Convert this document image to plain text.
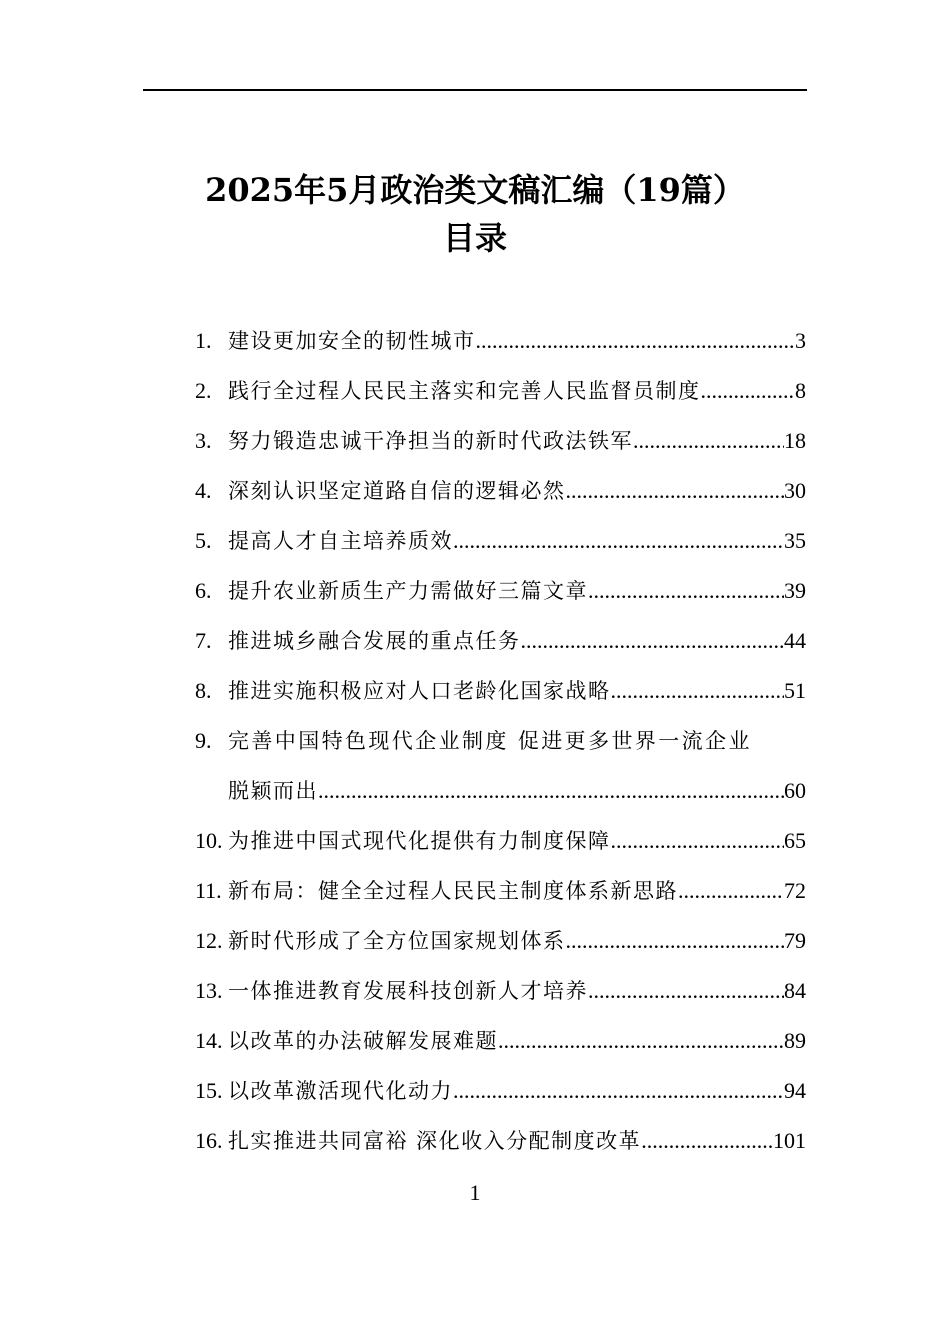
2025年5月政治类文稿汇编（19篇）
目录
1. 建设更加安全的韧性城市 .....	3
2. 践行全过程人民民主落实和完善人民监督员制度 .....	8
3. 努力锻造忠诚干净担当的新时代政法铁军 .....	18
4. 深刻认识坚定道路自信的逻辑必然 .....	30
5. 提高人才自主培养质效 .....	35
6. 提升农业新质生产力需做好三篇文章 .....	39
7. 推进城乡融合发展的重点任务 .....	44
8. 推进实施积极应对人口老龄化国家战略 .....	51
9. 完善中国特色现代企业制度 促进更多世界一流企业
脱颖而出 .....	60
10. 为推进中国式现代化提供有力制度保障 .....	65
11. 新布局：健全全过程人民民主制度体系新思路 .....	72
12. 新时代形成了全方位国家规划体系 .....	79
13. 一体推进教育发展科技创新人才培养 .....	84
14. 以改革的办法破解发展难题 .....	89
15. 以改革激活现代化动力 .....	94
16. 扎实推进共同富裕 深化收入分配制度改革 .....	101
1
